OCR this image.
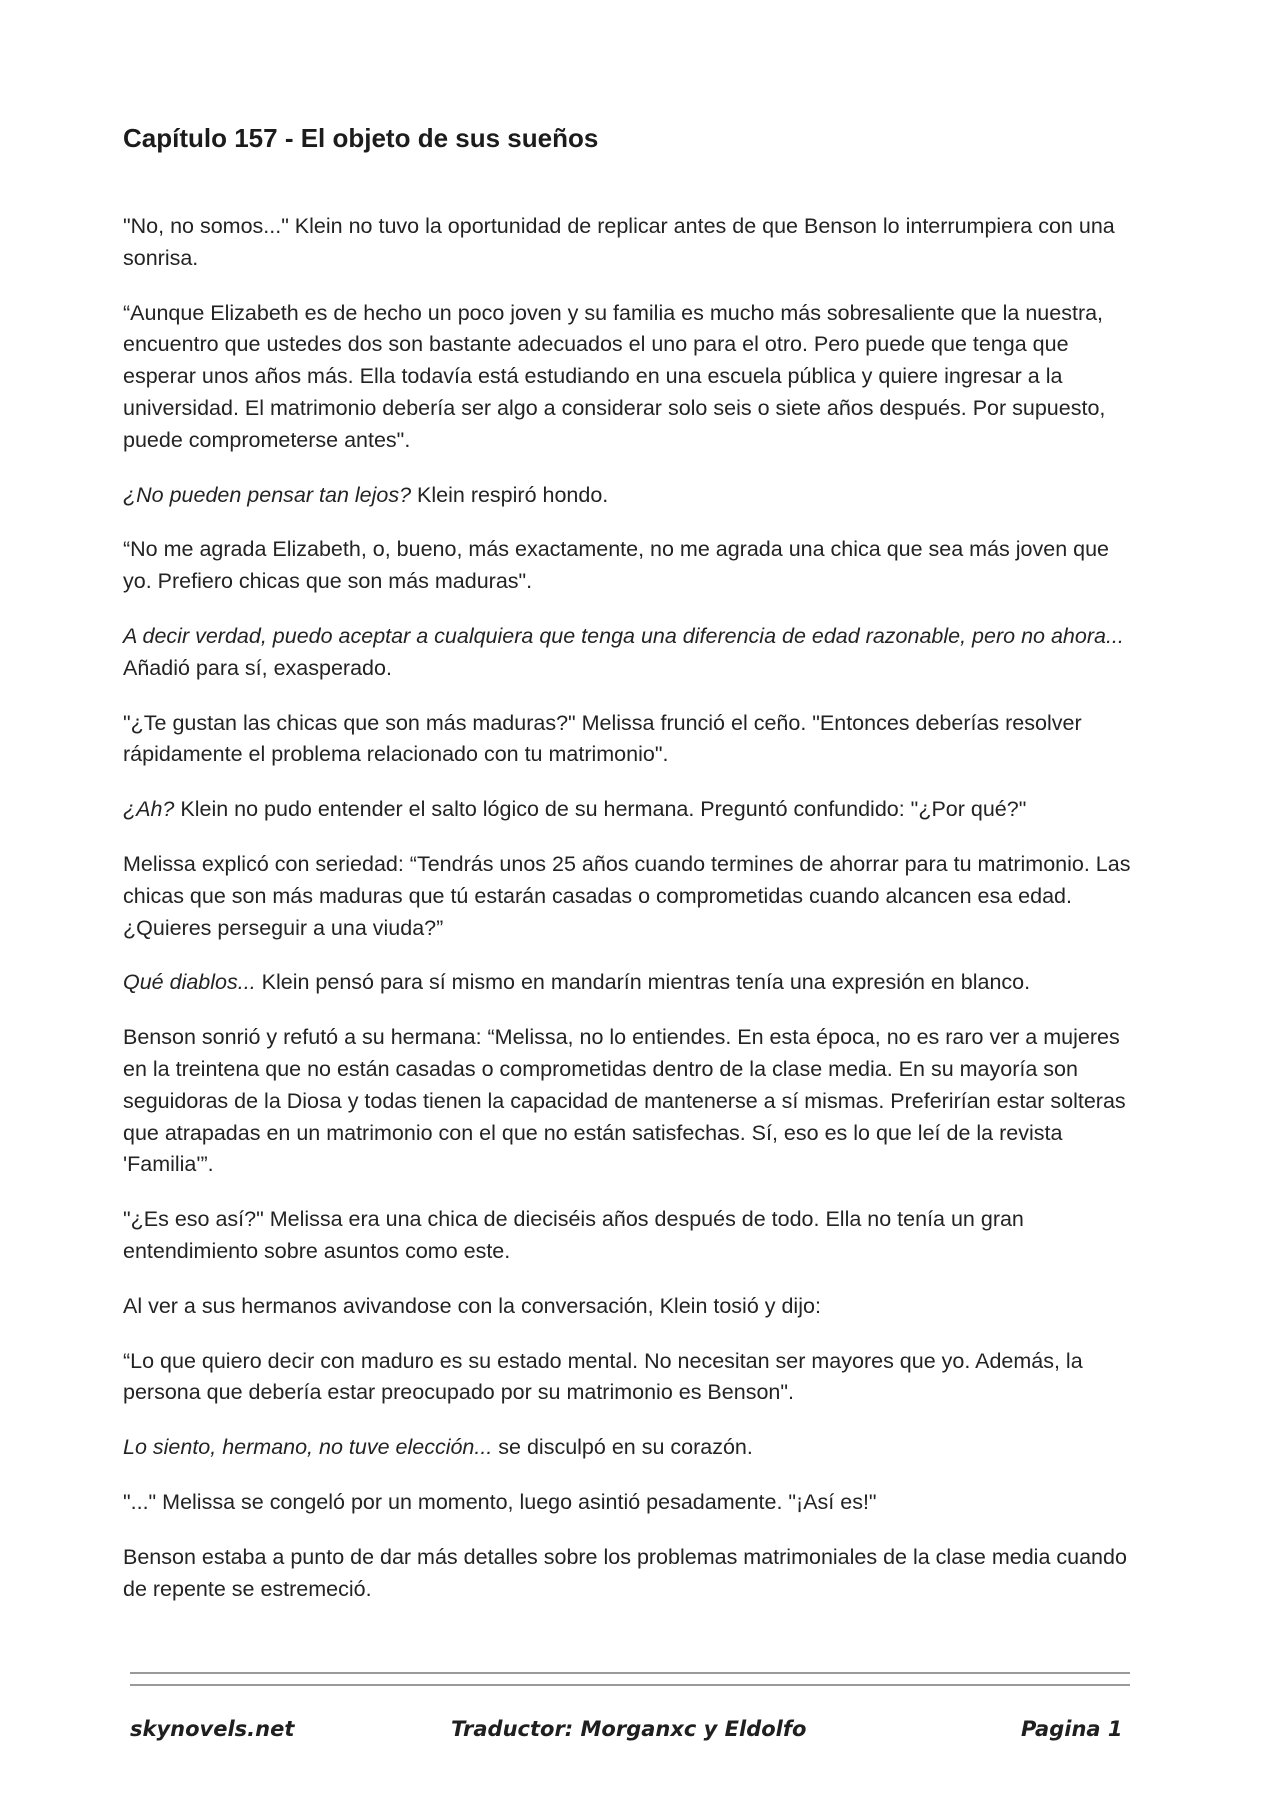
Capítulo 157 - El objeto de sus sueños

"No, no somos..." Klein no tuvo la oportunidad de replicar antes de que Benson lo interrumpiera con una sonrisa.

“Aunque Elizabeth es de hecho un poco joven y su familia es mucho más sobresaliente que la nuestra, encuentro que ustedes dos son bastante adecuados el uno para el otro. Pero puede que tenga que esperar unos años más. Ella todavía está estudiando en una escuela pública y quiere ingresar a la universidad. El matrimonio debería ser algo a considerar solo seis o siete años después. Por supuesto, puede comprometerse antes".

¿No pueden pensar tan lejos? Klein respiró hondo.

“No me agrada Elizabeth, o, bueno, más exactamente, no me agrada una chica que sea más joven que yo. Prefiero chicas que son más maduras".

A decir verdad, puedo aceptar a cualquiera que tenga una diferencia de edad razonable, pero no ahora... Añadió para sí, exasperado.

"¿Te gustan las chicas que son más maduras?" Melissa frunció el ceño. "Entonces deberías resolver rápidamente el problema relacionado con tu matrimonio".

¿Ah? Klein no pudo entender el salto lógico de su hermana. Preguntó confundido: "¿Por qué?"

Melissa explicó con seriedad: “Tendrás unos 25 años cuando termines de ahorrar para tu matrimonio. Las chicas que son más maduras que tú estarán casadas o comprometidas cuando alcancen esa edad. ¿Quieres perseguir a una viuda?”

Qué diablos... Klein pensó para sí mismo en mandarín mientras tenía una expresión en blanco.

Benson sonrió y refutó a su hermana: “Melissa, no lo entiendes. En esta época, no es raro ver a mujeres en la treintena que no están casadas o comprometidas dentro de la clase media. En su mayoría son seguidoras de la Diosa y todas tienen la capacidad de mantenerse a sí mismas. Preferirían estar solteras que atrapadas en un matrimonio con el que no están satisfechas. Sí, eso es lo que leí de la revista 'Familia'”.

"¿Es eso así?" Melissa era una chica de dieciséis años después de todo. Ella no tenía un gran entendimiento sobre asuntos como este.

Al ver a sus hermanos avivandose con la conversación, Klein tosió y dijo:

“Lo que quiero decir con maduro es su estado mental. No necesitan ser mayores que yo. Además, la persona que debería estar preocupado por su matrimonio es Benson".

Lo siento, hermano, no tuve elección... se disculpó en su corazón.

"..." Melissa se congeló por un momento, luego asintió pesadamente. "¡Así es!"

Benson estaba a punto de dar más detalles sobre los problemas matrimoniales de la clase media cuando de repente se estremeció.

skynovels.net	Traductor: Morganxc y Eldolfo	Pagina 1
